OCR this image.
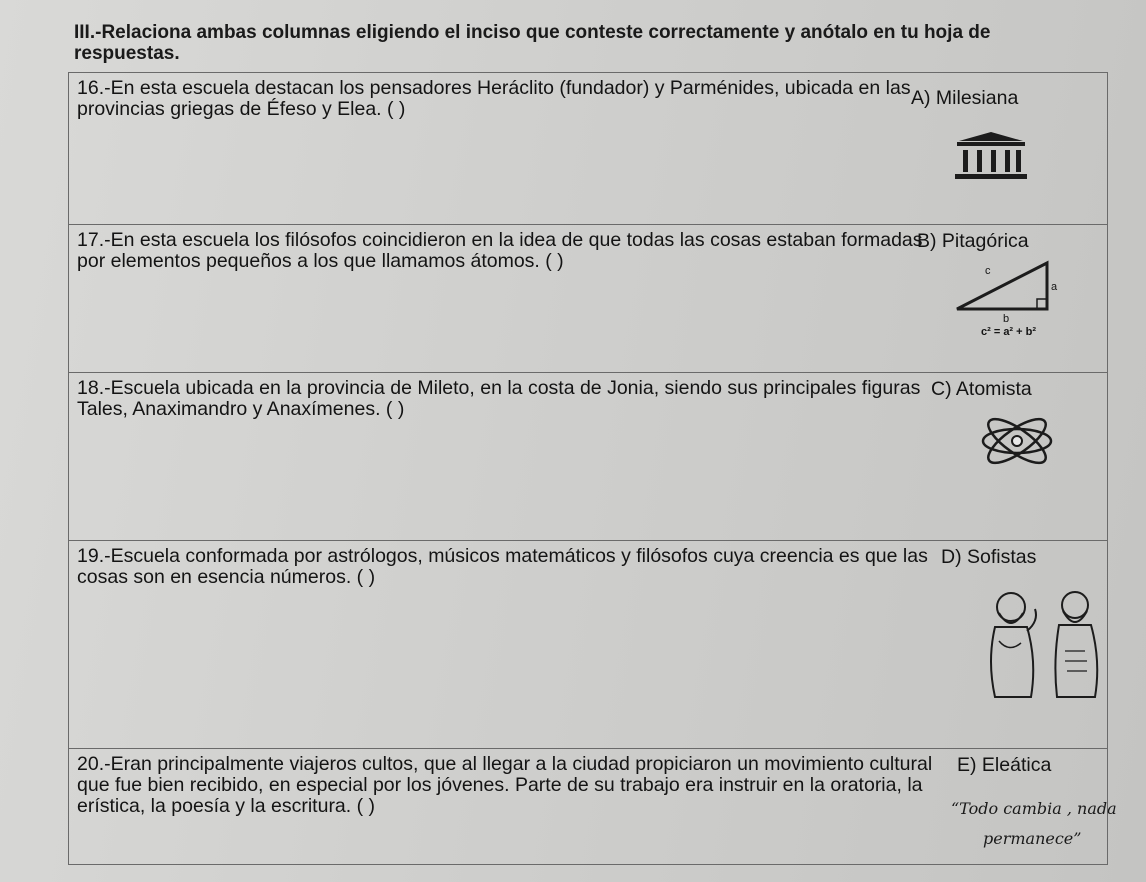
III.-Relaciona ambas columnas eligiendo el inciso que conteste correctamente y anótalo en tu hoja de respuestas.
16.-En esta escuela destacan los pensadores Heráclito (fundador) y Parménides, ubicada en las provincias griegas de Éfeso y Elea. ( )	A) Milesiana
17.-En esta escuela los filósofos coincidieron en la idea de que todas las cosas estaban formadas por elementos pequeños a los que llamamos átomos. ( )
B) Pitagórica
c
a
b
c² = a² + b²
18.-Escuela ubicada en la provincia de Mileto, en la costa de Jonia, siendo sus principales figuras Tales, Anaximandro y Anaxímenes. ( )
C) Atomista
19.-Escuela conformada por astrólogos, músicos matemáticos y filósofos cuya creencia es que las cosas son en esencia números. ( )
D) Sofistas
20.-Eran principalmente viajeros cultos, que al llegar a la ciudad propiciaron un movimiento cultural que fue bien recibido, en especial por los jóvenes. Parte de su trabajo era instruir en la oratoria, la erística, la poesía y la escritura. ( )
E) Eleática
“Todo cambia , nada
permanece”
